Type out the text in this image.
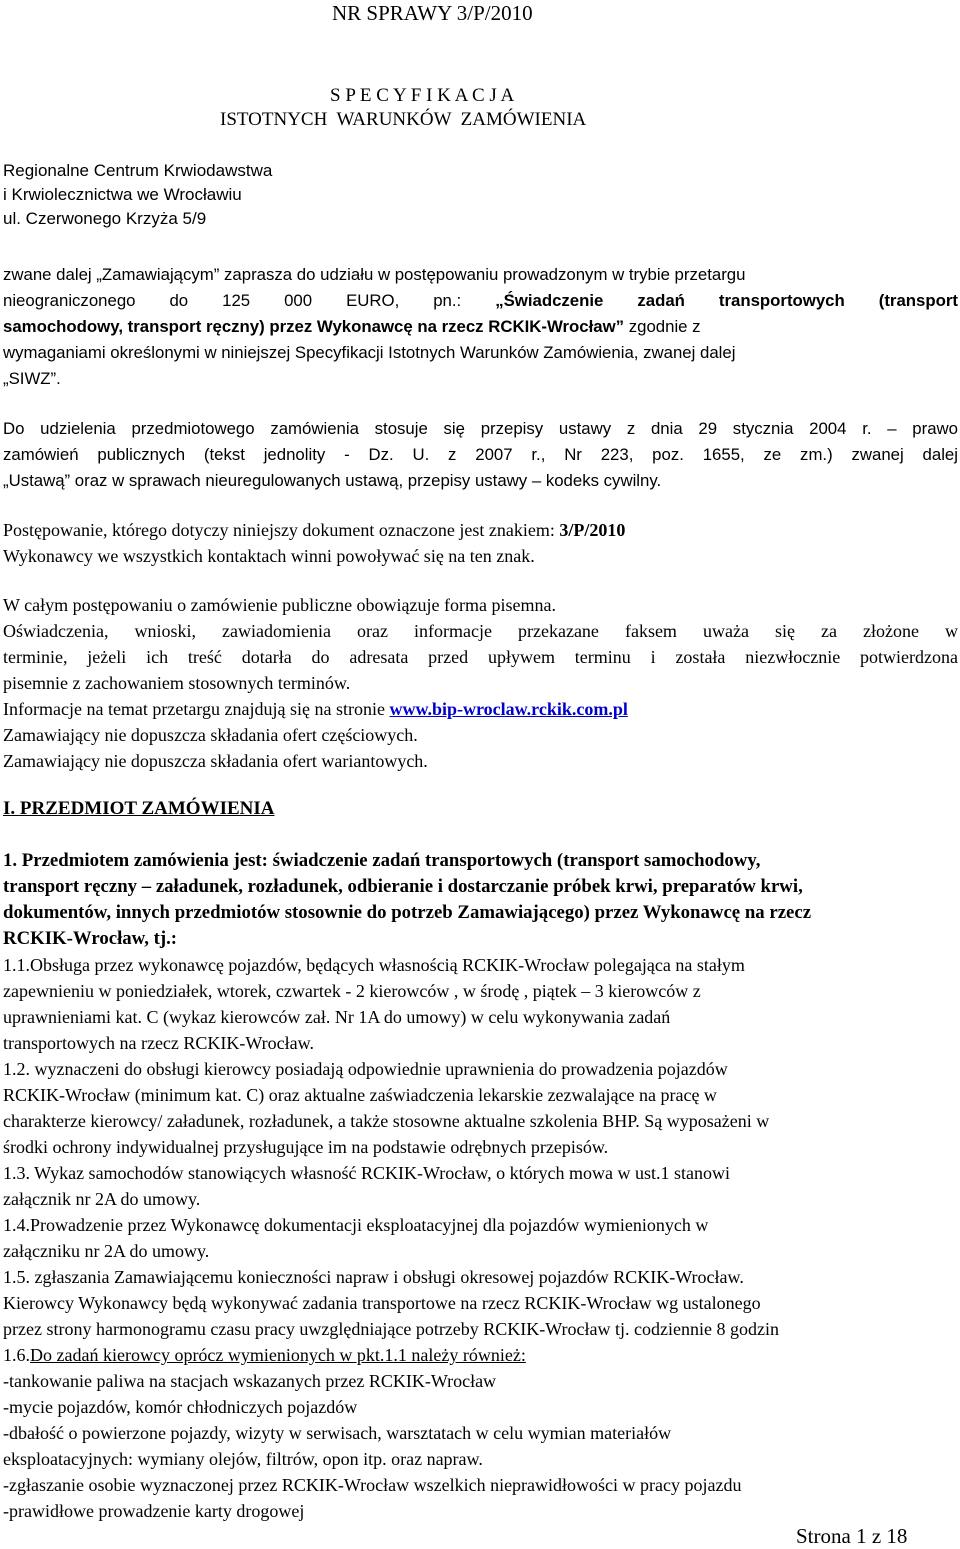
NR SPRAWY 3/P/2010
S P E C Y F I K A C J A
ISTOTNYCH  WARUNKÓW  ZAMÓWIENIA
Regionalne Centrum Krwiodawstwa
i Krwiolecznictwa we Wrocławiu
ul. Czerwonego Krzyża 5/9
zwane dalej „Zamawiającym” zaprasza do udziału w postępowaniu prowadzonym w trybie przetargu
nieograniczonego do 125 000 EURO, pn.: „Świadczenie zadań transportowych (transport
samochodowy, transport ręczny) przez Wykonawcę na rzecz RCKIK-Wrocław” zgodnie z
wymaganiami określonymi w niniejszej Specyfikacji Istotnych Warunków Zamówienia, zwanej dalej
„SIWZ”.
Do udzielenia przedmiotowego zamówienia stosuje się przepisy ustawy z dnia 29 stycznia 2004 r. – prawo
zamówień publicznych (tekst jednolity - Dz. U. z 2007 r., Nr 223, poz. 1655, ze zm.) zwanej dalej
„Ustawą” oraz w sprawach nieuregulowanych ustawą, przepisy ustawy – kodeks cywilny.
Postępowanie, którego dotyczy niniejszy dokument oznaczone jest znakiem: 3/P/2010
Wykonawcy we wszystkich kontaktach winni powoływać się na ten znak.
W całym postępowaniu o zamówienie publiczne obowiązuje forma pisemna.
Oświadczenia, wnioski, zawiadomienia oraz informacje przekazane faksem uważa się za złożone w
terminie, jeżeli ich treść dotarła do adresata przed upływem terminu i została niezwłocznie potwierdzona
pisemnie z zachowaniem stosownych terminów.
Informacje na temat przetargu znajdują się na stronie www.bip-wroclaw.rckik.com.pl
Zamawiający nie dopuszcza składania ofert częściowych.
Zamawiający nie dopuszcza składania ofert wariantowych.
I. PRZEDMIOT ZAMÓWIENIA
1. Przedmiotem zamówienia jest: świadczenie zadań transportowych (transport samochodowy,
transport ręczny – załadunek, rozładunek, odbieranie i dostarczanie próbek krwi, preparatów krwi,
dokumentów, innych przedmiotów stosownie do potrzeb Zamawiającego) przez Wykonawcę na rzecz
RCKIK-Wrocław, tj.:
1.1.Obsługa przez wykonawcę pojazdów, będących własnością RCKIK-Wrocław polegająca na stałym
zapewnieniu w poniedziałek, wtorek, czwartek - 2 kierowców , w środę , piątek – 3 kierowców z
uprawnieniami kat. C (wykaz kierowców zał. Nr 1A do umowy) w celu wykonywania zadań
transportowych na rzecz RCKIK-Wrocław.
1.2. wyznaczeni do obsługi kierowcy posiadają odpowiednie uprawnienia do prowadzenia pojazdów
RCKIK-Wrocław (minimum kat. C) oraz aktualne zaświadczenia lekarskie zezwalające na pracę w
charakterze kierowcy/ załadunek, rozładunek, a także stosowne aktualne szkolenia BHP. Są wyposażeni w
środki ochrony indywidualnej przysługujące im na podstawie odrębnych przepisów.
1.3. Wykaz samochodów stanowiących własność RCKIK-Wrocław, o których mowa w ust.1 stanowi
załącznik nr 2A do umowy.
1.4.Prowadzenie przez Wykonawcę dokumentacji eksploatacyjnej dla pojazdów wymienionych w
załączniku nr 2A do umowy.
1.5. zgłaszania Zamawiającemu konieczności napraw i obsługi okresowej pojazdów RCKIK-Wrocław.
Kierowcy Wykonawcy będą wykonywać zadania transportowe na rzecz RCKIK-Wrocław wg ustalonego
przez strony harmonogramu czasu pracy uwzględniające potrzeby RCKIK-Wrocław tj. codziennie 8 godzin
1.6.Do zadań kierowcy oprócz wymienionych w pkt.1.1 należy również:
-tankowanie paliwa na stacjach wskazanych przez RCKIK-Wrocław
-mycie pojazdów, komór chłodniczych pojazdów
-dbałość o powierzone pojazdy, wizyty w serwisach, warsztatach w celu wymian materiałów
eksploatacyjnych: wymiany olejów, filtrów, opon itp. oraz napraw.
-zgłaszanie osobie wyznaczonej przez RCKIK-Wrocław wszelkich nieprawidłowości w pracy pojazdu
-prawidłowe prowadzenie karty drogowej
Strona 1 z 18
